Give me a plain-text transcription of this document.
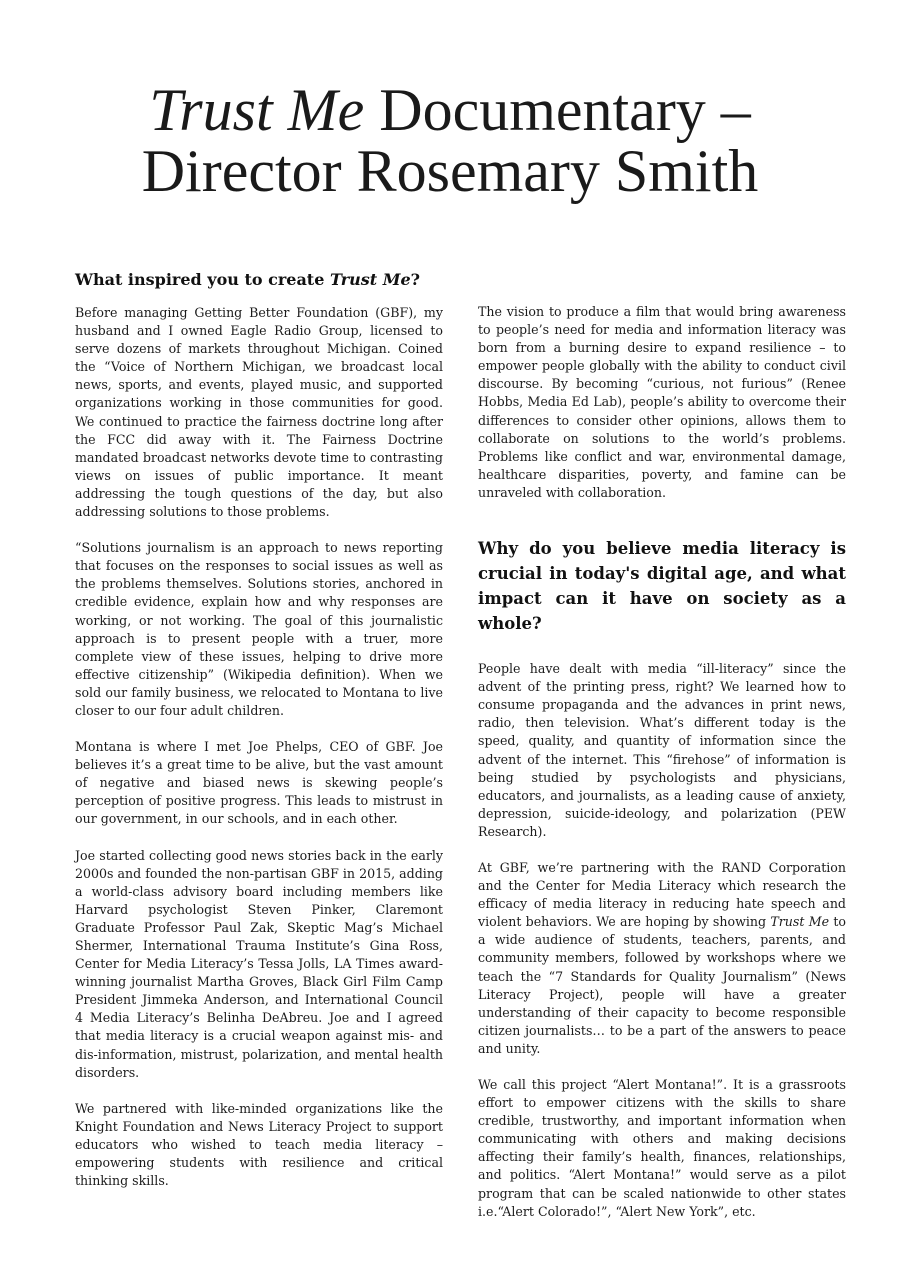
Trust Me Documentary –
Director Rosemary Smith
What inspired you to create Trust Me?

Before managing Getting Better Foundation (GBF), my husband and I owned Eagle Radio Group, licensed to serve dozens of markets throughout Michigan. Coined the “Voice of Northern Michigan, we broadcast local news, sports, and events, played music, and supported organizations working in those communities for good. We continued to practice the fairness doctrine long after the FCC did away with it. The Fairness Doctrine mandated broadcast networks devote time to contrasting views on issues of public importance. It meant addressing the tough questions of the day, but also addressing solutions to those problems.

“Solutions journalism is an approach to news reporting that focuses on the responses to social issues as well as the problems themselves. Solutions stories, anchored in credible evidence, explain how and why responses are working, or not working. The goal of this journalistic approach is to present people with a truer, more complete view of these issues, helping to drive more effective citizenship” (Wikipedia definition). When we sold our family business, we relocated to Montana to live closer to our four adult children.

Montana is where I met Joe Phelps, CEO of GBF. Joe believes it’s a great time to be alive, but the vast amount of negative and biased news is skewing people’s perception of positive progress. This leads to mistrust in our government, in our schools, and in each other.

Joe started collecting good news stories back in the early 2000s and founded the non-partisan GBF in 2015, adding a world-class advisory board including members like Harvard psychologist Steven Pinker, Claremont Graduate Professor Paul Zak, Skeptic Mag’s Michael Shermer, International Trauma Institute’s Gina Ross, Center for Media Literacy’s Tessa Jolls, LA Times award-winning journalist Martha Groves, Black Girl Film Camp President Jimmeka Anderson, and International Council 4 Media Literacy’s Belinha DeAbreu. Joe and I agreed that media literacy is a crucial weapon against mis- and dis-information, mistrust, polarization, and mental health disorders.

We partnered with like-minded organizations like the Knight Foundation and News Literacy Project to support educators who wished to teach media literacy – empowering students with resilience and critical thinking skills.

The vision to produce a film that would bring awareness to people’s need for media and information literacy was born from a burning desire to expand resilience – to empower people globally with the ability to conduct civil discourse. By becoming “curious, not furious” (Renee Hobbs, Media Ed Lab), people’s ability to overcome their differences to consider other opinions, allows them to collaborate on solutions to the world’s problems. Problems like conflict and war, environmental damage, healthcare disparities, poverty, and famine can be unraveled with collaboration.

Why do you believe media literacy is crucial in today's digital age, and what impact can it have on society as a whole?

People have dealt with media “ill-literacy” since the advent of the printing press, right? We learned how to consume propaganda and the advances in print news, radio, then television. What’s different today is the speed, quality, and quantity of information since the advent of the internet. This “firehose” of information is being studied by psychologists and physicians, educators, and journalists, as a leading cause of anxiety, depression, suicide-ideology, and polarization (PEW Research).

At GBF, we’re partnering with the RAND Corporation and the Center for Media Literacy which research the efficacy of media literacy in reducing hate speech and violent behaviors. We are hoping by showing Trust Me to a wide audience of students, teachers, parents, and community members, followed by workshops where we teach the “7 Standards for Quality Journalism” (News Literacy Project), people will have a greater understanding of their capacity to become responsible citizen journalists… to be a part of the answers to peace and unity.

We call this project “Alert Montana!”. It is a grassroots effort to empower citizens with the skills to share credible, trustworthy, and important information when communicating with others and making decisions affecting their family’s health, finances, relationships, and politics. “Alert Montana!” would serve as a pilot program that can be scaled nationwide to other states i.e.“Alert Colorado!”, “Alert New York”, etc.
